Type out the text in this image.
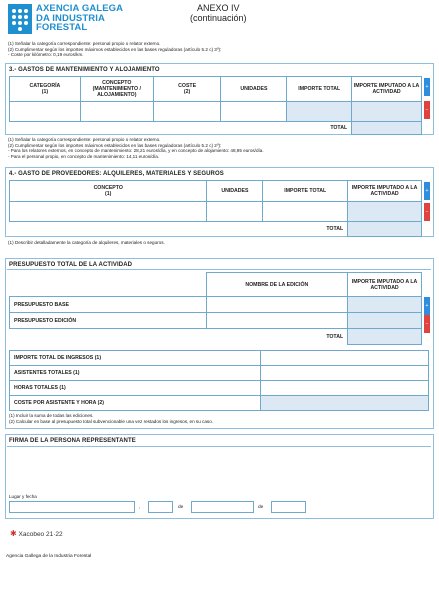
AXENCIA GALEGA
DA INDUSTRIA
FORESTAL
ANEXO IV
(continuación)
(1) Señalar la categoría correspondiente: personal propio o relator externo.
(2) Cumplimentar según los importes máximos establecidos en las bases reguladoras (artículo 5.2 c) 3º):
- Coste por kilómetro: 0,19 euros/km.
3.- GASTOS DE MANTENIMIENTO Y ALOJAMIENTO
CATEGORÍA
(1)	CONCEPTO
(MANTENIMIENTO /
ALOJAMIENTO)	COSTE
(2)	UNIDADES	IMPORTE TOTAL	IMPORTE IMPUTADO A LA ACTIVIDAD

TOTAL					
+
−
(1) Señalar la categoría correspondiente: personal propio o relator externo.
(2) Cumplimentar según los importes máximos establecidos en las bases reguladoras (artículo 5.2 c) 2º):
- Para los relatores externos, en concepto de mantenimiento: 28,21 euros/día, y en concepto de alojamiento: 48,95 euros/día.
- Para el personal propio, en concepto de mantenimiento: 14,11 euros/día.
4.- GASTO DE PROVEEDORES: ALQUILERES, MATERIALES Y SEGUROS
CONCEPTO
(1)	UNIDADES	IMPORTE TOTAL	IMPORTE IMPUTADO A LA ACTIVIDAD

TOTAL			
+
−
(1) Describir detalladamente la categoría de alquileres, materiales o seguros.
PRESUPUESTO TOTAL DE LA ACTIVIDAD
	NOMBRE DE LA EDICIÓN	IMPORTE IMPUTADO A LA ACTIVIDAD
PRESUPUESTO BASE		
PRESUPUESTO EDICIÓN		
TOTAL		
+
−
IMPORTE TOTAL DE INGRESOS (1)	
ASISTENTES TOTALES (1)	
HORAS TOTALES (1)	
COSTE POR ASISTENTE Y HORA (2)	
(1) Incluir la suma de todas las ediciones.
(2) Calcular en base al presupuesto total subvencionable una vez restados los ingresos, en su caso.
FIRMA DE LA PERSONA REPRESENTANTE
Lugar y fecha
,	de	de
✱ Xacobeo 21·22
Agencia Gallega de la Industria Forestal
